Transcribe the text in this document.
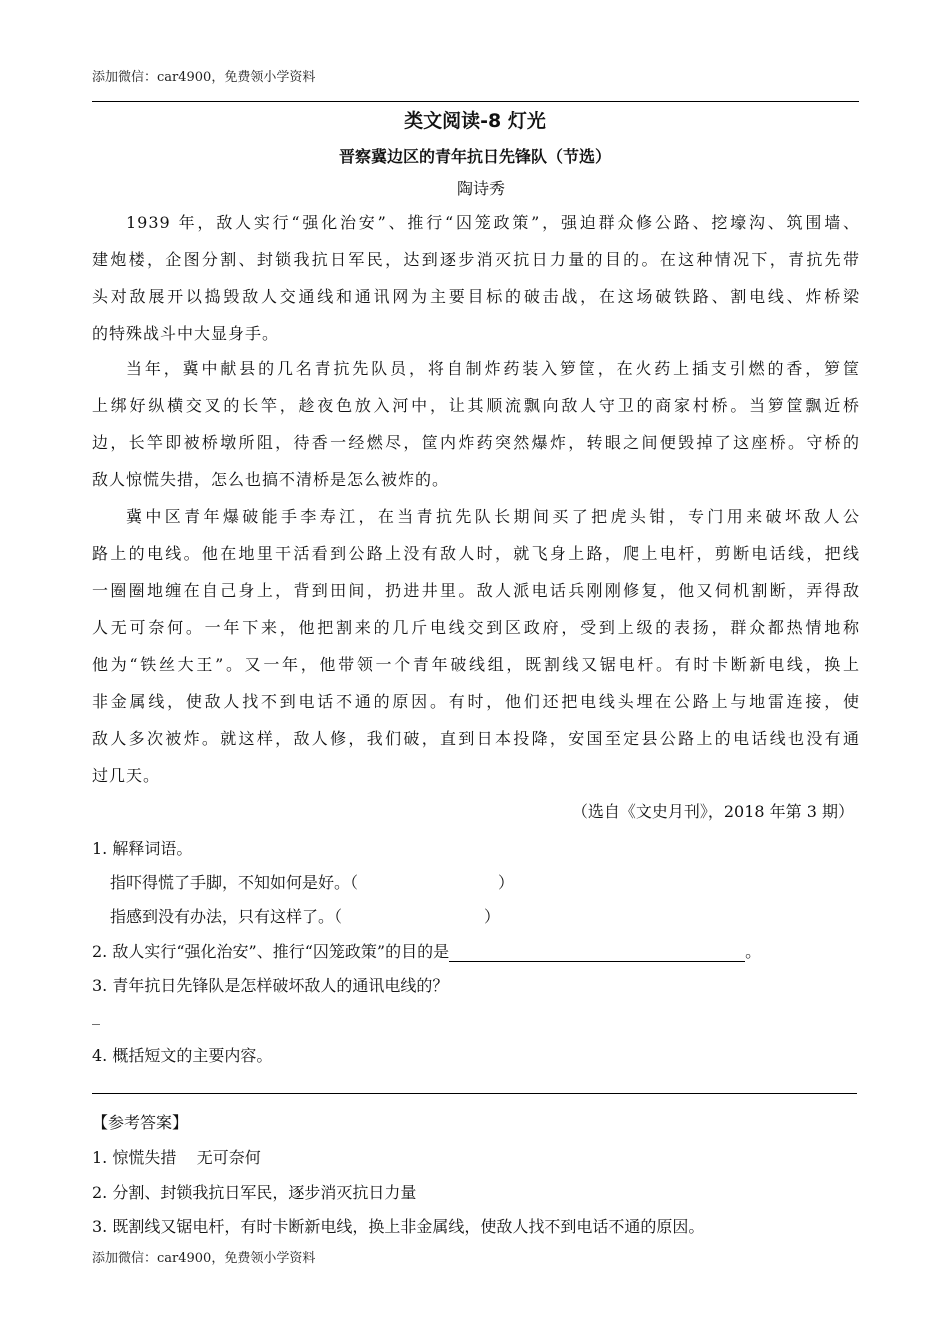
添加微信：car4900，免费领小学资料
类文阅读-8 灯光
晋察冀边区的青年抗日先锋队（节选）
陶诗秀
1939 年，敌人实行“强化治安”、推行“囚笼政策”，强迫群众修公路、挖壕沟、筑围墙、
建炮楼，企图分割、封锁我抗日军民，达到逐步消灭抗日力量的目的。在这种情况下，青抗先带
头对敌展开以捣毁敌人交通线和通讯网为主要目标的破击战，在这场破铁路、割电线、炸桥梁
的特殊战斗中大显身手。
当年，冀中献县的几名青抗先队员，将自制炸药装入箩筐，在火药上插支引燃的香，箩筐
上绑好纵横交叉的长竿，趁夜色放入河中，让其顺流飘向敌人守卫的商家村桥。当箩筐飘近桥
边，长竿即被桥墩所阻，待香一经燃尽，筐内炸药突然爆炸，转眼之间便毁掉了这座桥。守桥的
敌人惊慌失措，怎么也搞不清桥是怎么被炸的。
冀中区青年爆破能手李寿江，在当青抗先队长期间买了把虎头钳，专门用来破坏敌人公
路上的电线。他在地里干活看到公路上没有敌人时，就飞身上路，爬上电杆，剪断电话线，把线
一圈圈地缠在自己身上，背到田间，扔进井里。敌人派电话兵刚刚修复，他又伺机割断，弄得敌
人无可奈何。一年下来，他把割来的几斤电线交到区政府，受到上级的表扬，群众都热情地称
他为“铁丝大王”。又一年，他带领一个青年破线组，既割线又锯电杆。有时卡断新电线，换上
非金属线，使敌人找不到电话不通的原因。有时，他们还把电线头埋在公路上与地雷连接，使
敌人多次被炸。就这样，敌人修，我们破，直到日本投降，安国至定县公路上的电话线也没有通
过几天。
（选自《文史月刊》，2018 年第 3 期）
1. 解释词语。
指吓得慌了手脚，不知如何是好。（	）
指感到没有办法，只有这样了。（	）
2. 敌人实行“强化治安”、推行“囚笼政策”的目的是	。
3. 青年抗日先锋队是怎样破坏敌人的通讯电线的？
_
4. 概括短文的主要内容。
【参考答案】
1. 惊慌失措    无可奈何
2. 分割、封锁我抗日军民，逐步消灭抗日力量
3. 既割线又锯电杆，有时卡断新电线，换上非金属线，使敌人找不到电话不通的原因。
添加微信：car4900，免费领小学资料
